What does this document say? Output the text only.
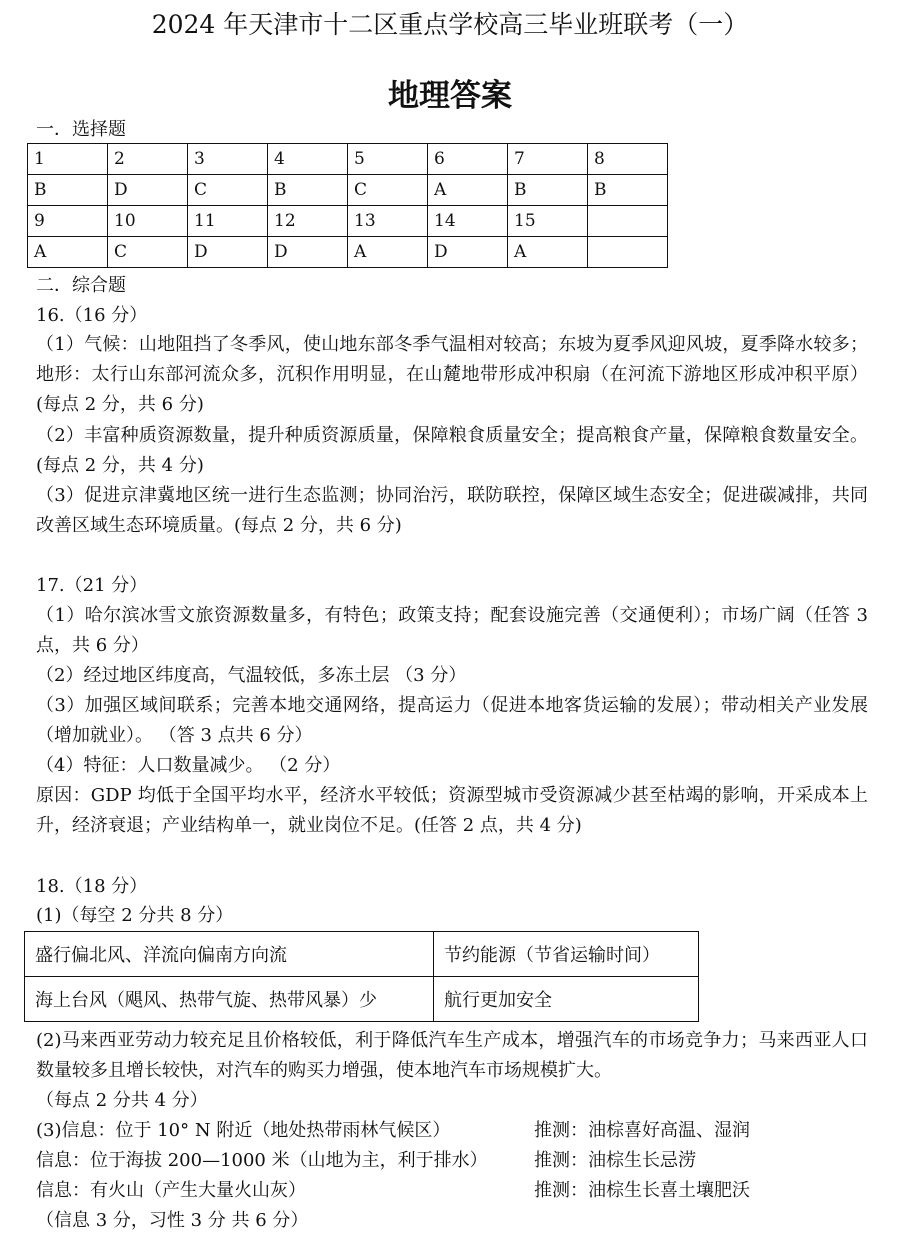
2024 年天津市十二区重点学校高三毕业班联考（一）
地理答案
一．选择题
1	2	3	4	5	6	7	8
B	D	C	B	C	A	B	B
9	10	11	12	13	14	15	
A	C	D	D	A	D	A	
二．综合题
16.（16 分）
（1）气候：山地阻挡了冬季风，使山地东部冬季气温相对较高；东坡为夏季风迎风坡，夏季降水较多；地形：太行山东部河流众多，沉积作用明显，在山麓地带形成冲积扇（在河流下游地区形成冲积平原）(每点 2 分，共 6 分)
（2）丰富种质资源数量，提升种质资源质量，保障粮食质量安全；提高粮食产量，保障粮食数量安全。(每点 2 分，共 4 分)
（3）促进京津冀地区统一进行生态监测；协同治污，联防联控，保障区域生态安全；促进碳减排，共同改善区域生态环境质量。(每点 2 分，共 6 分)
17.（21 分）
（1）哈尔滨冰雪文旅资源数量多，有特色；政策支持；配套设施完善（交通便利）；市场广阔（任答 3 点，共 6 分）
（2）经过地区纬度高，气温较低，多冻土层 （3 分）
（3）加强区域间联系；完善本地交通网络，提高运力（促进本地客货运输的发展）；带动相关产业发展（增加就业）。 （答 3 点共 6 分）
（4）特征：人口数量减少。 （2 分）
原因：GDP 均低于全国平均水平，经济水平较低；资源型城市受资源减少甚至枯竭的影响，开采成本上升，经济衰退；产业结构单一，就业岗位不足。(任答 2 点，共 4 分)
18.（18 分）
(1)（每空 2 分共 8 分）
盛行偏北风、洋流向偏南方向流	节约能源（节省运输时间）
海上台风（飓风、热带气旋、热带风暴）少	航行更加安全
(2)马来西亚劳动力较充足且价格较低，利于降低汽车生产成本，增强汽车的市场竞争力；马来西亚人口数量较多且增长较快，对汽车的购买力增强，使本地汽车市场规模扩大。
（每点 2 分共 4 分）
(3)信息：位于 10° N 附近（地处热带雨林气候区）	推测：油棕喜好高温、湿润
信息：位于海拔 200—1000 米（山地为主，利于排水）	推测：油棕生长忌涝
信息：有火山（产生大量火山灰）	推测：油棕生长喜土壤肥沃
（信息 3 分，习性 3 分 共 6 分）
